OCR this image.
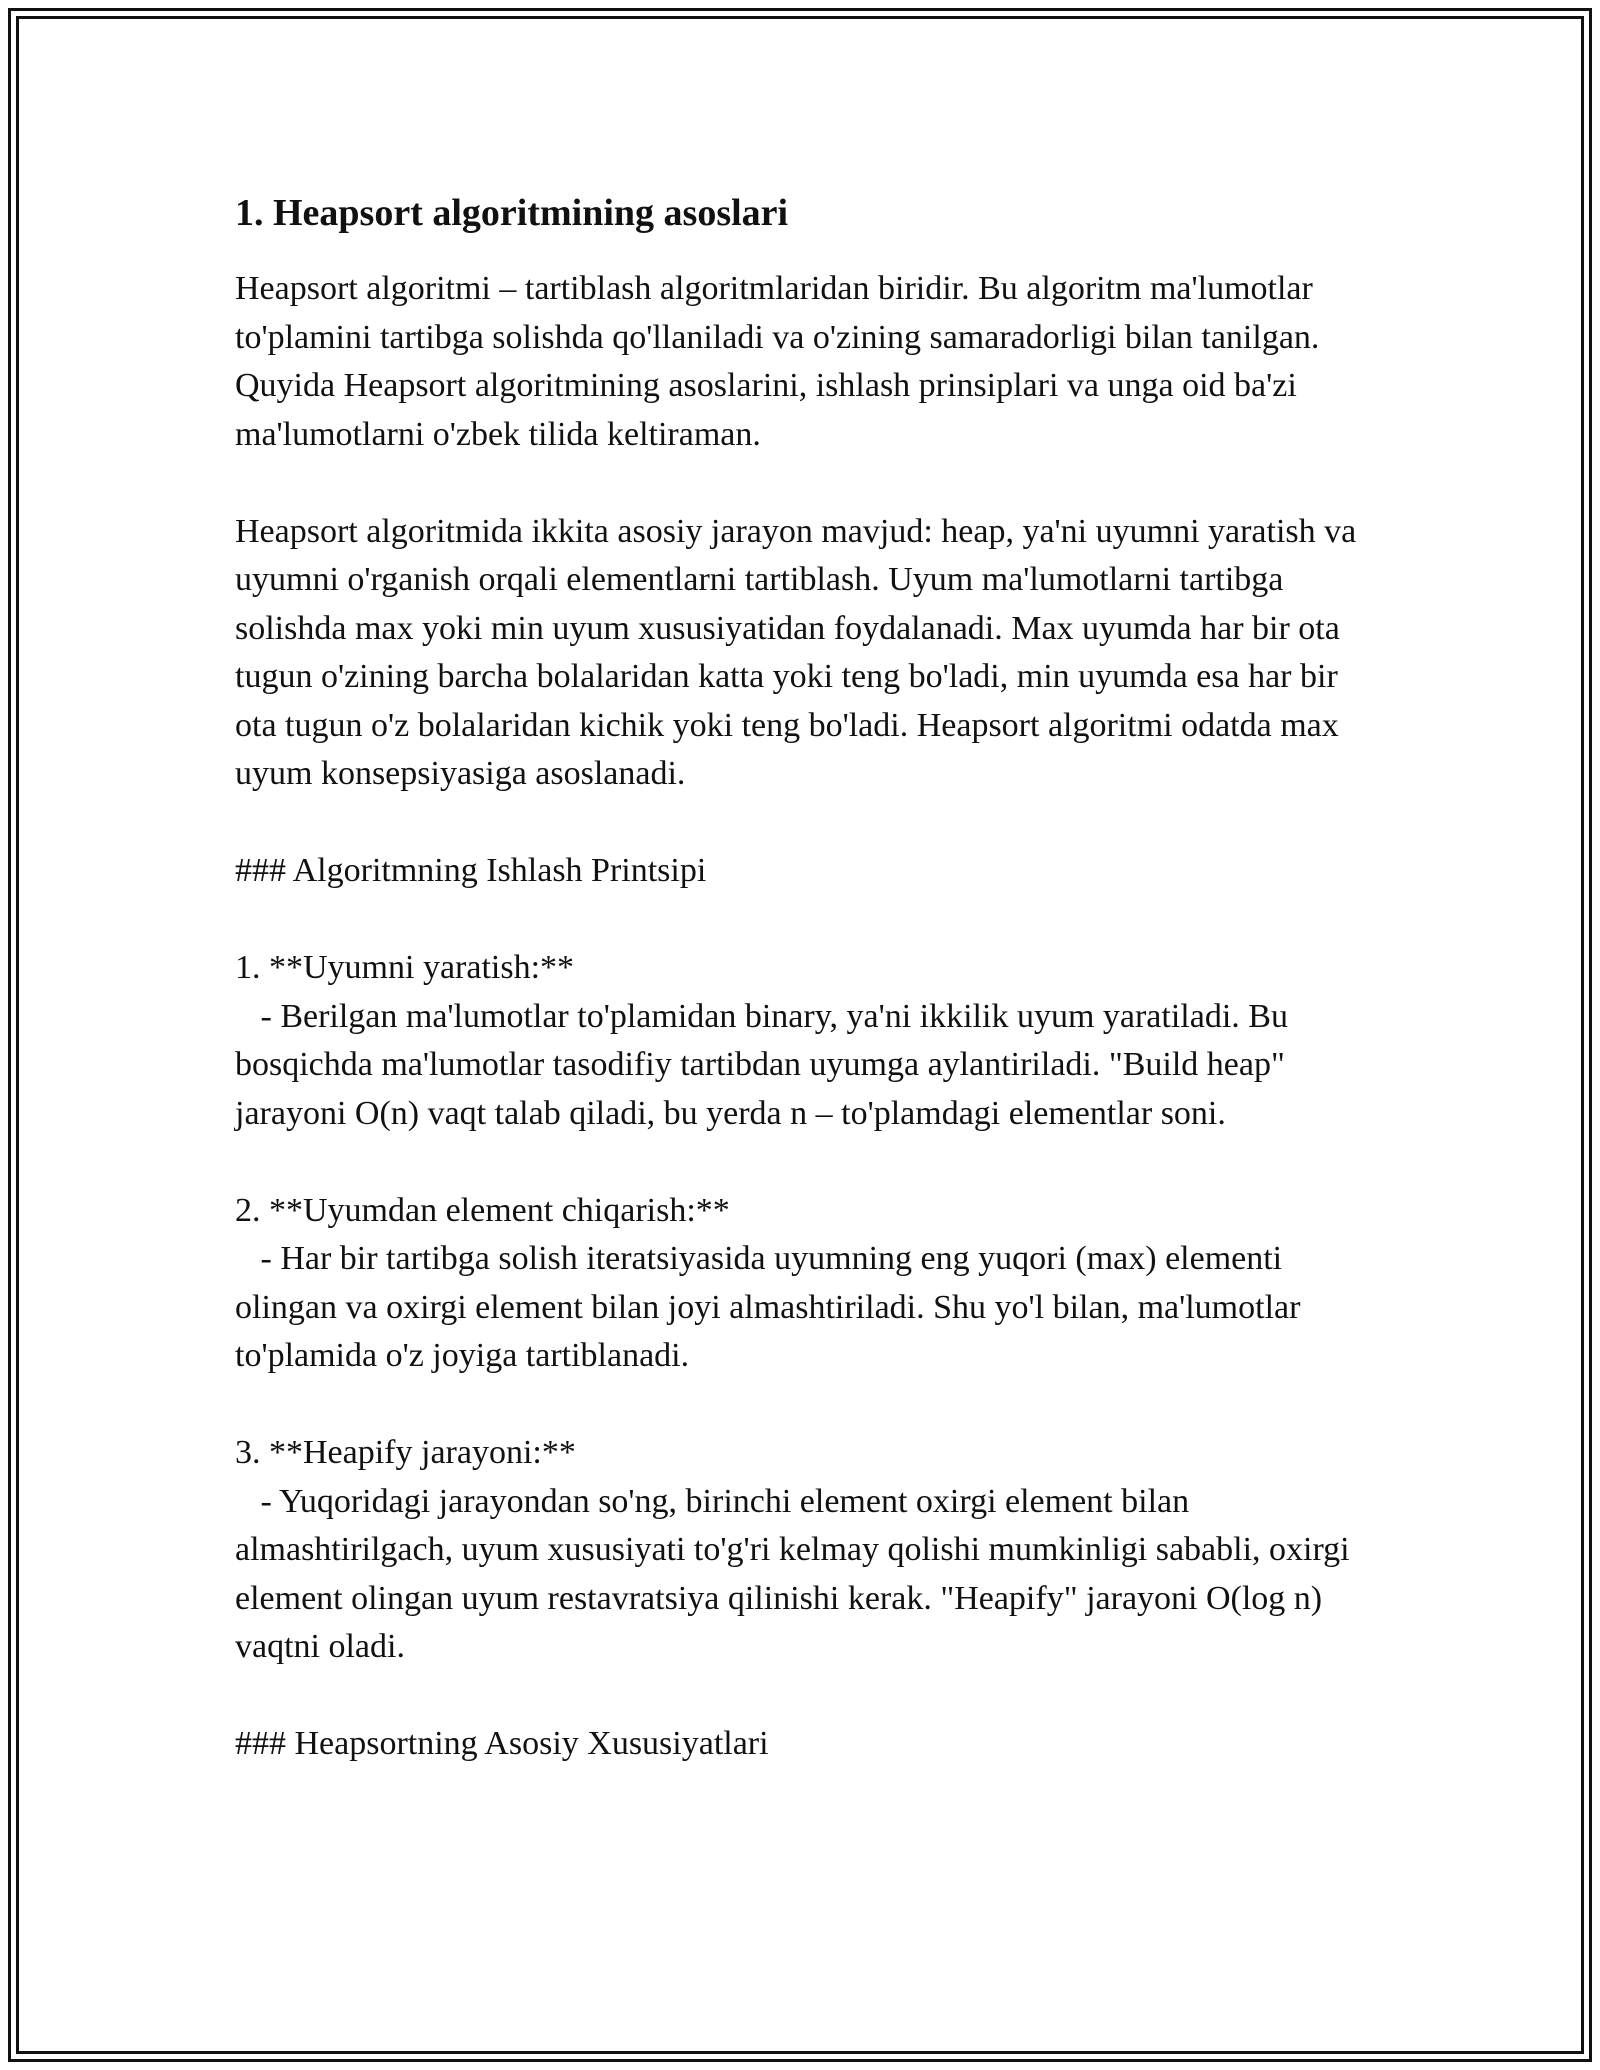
1. Heapsort algoritmining asoslari

Heapsort algoritmi – tartiblash algoritmlaridan biridir. Bu algoritm ma'lumotlar to'plamini tartibga solishda qo'llaniladi va o'zining samaradorligi bilan tanilgan. Quyida Heapsort algoritmining asoslarini, ishlash prinsiplari va unga oid ba'zi ma'lumotlarni o'zbek tilida keltiraman.

Heapsort algoritmida ikkita asosiy jarayon mavjud: heap, ya'ni uyumni yaratish va uyumni o'rganish orqali elementlarni tartiblash. Uyum ma'lumotlarni tartibga solishda max yoki min uyum xususiyatidan foydalanadi. Max uyumda har bir ota tugun o'zining barcha bolalaridan katta yoki teng bo'ladi, min uyumda esa har bir ota tugun o'z bolalaridan kichik yoki teng bo'ladi. Heapsort algoritmi odatda max uyum konsepsiyasiga asoslanadi.

### Algoritmning Ishlash Printsipi

1. **Uyumni yaratish:**
- Berilgan ma'lumotlar to'plamidan binary, ya'ni ikkilik uyum yaratiladi. Bu bosqichda ma'lumotlar tasodifiy tartibdan uyumga aylantiriladi. "Build heap" jarayoni O(n) vaqt talab qiladi, bu yerda n – to'plamdagi elementlar soni.

2. **Uyumdan element chiqarish:**
- Har bir tartibga solish iteratsiyasida uyumning eng yuqori (max) elementi olingan va oxirgi element bilan joyi almashtiriladi. Shu yo'l bilan, ma'lumotlar to'plamida o'z joyiga tartiblanadi.

3. **Heapify jarayoni:**
- Yuqoridagi jarayondan so'ng, birinchi element oxirgi element bilan almashtirilgach, uyum xususiyati to'g'ri kelmay qolishi mumkinligi sababli, oxirgi element olingan uyum restavratsiya qilinishi kerak. "Heapify" jarayoni O(log n) vaqtni oladi.

### Heapsortning Asosiy Xususiyatlari
